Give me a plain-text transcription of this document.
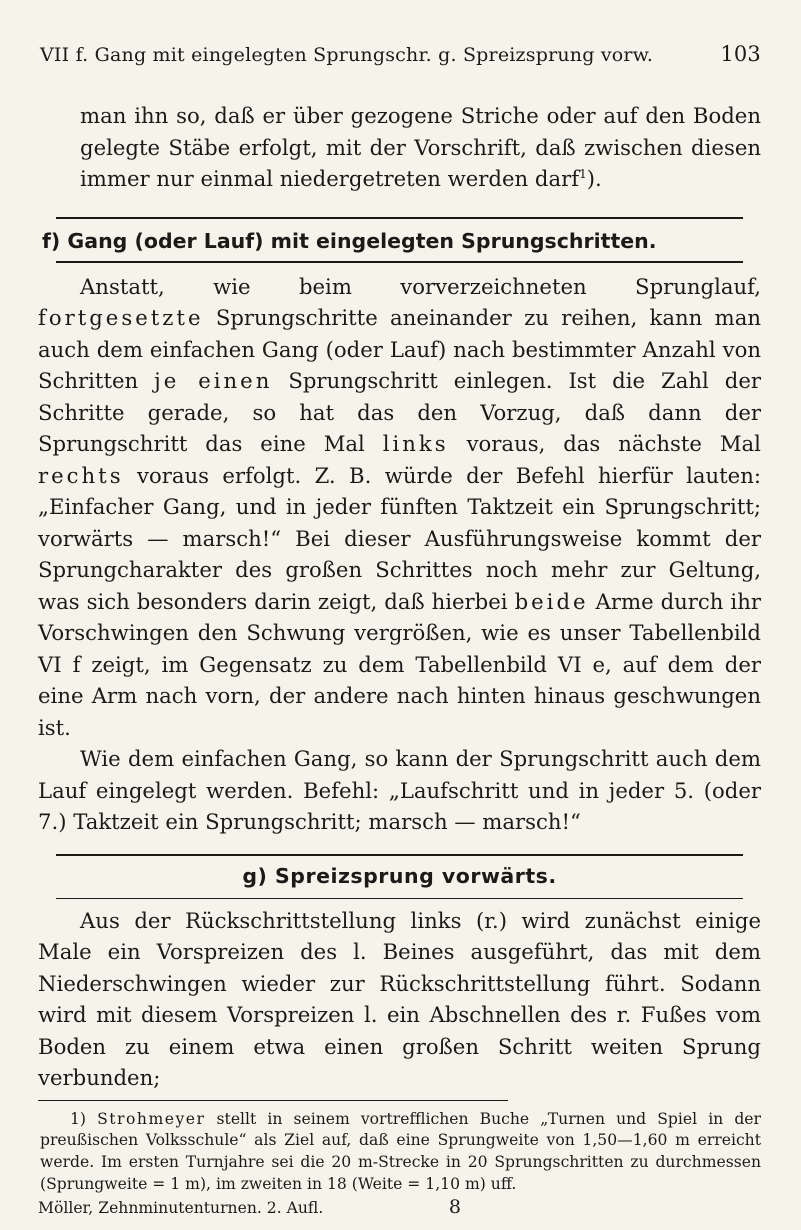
VII f. Gang mit eingelegten Sprungschr. g. Spreizsprung vorw.	103

man ihn so, daß er über gezogene Striche oder auf den Boden gelegte Stäbe erfolgt, mit der Vorschrift, daß zwischen diesen immer nur einmal niedergetreten werden darf$^1$).

f) Gang (oder Lauf) mit eingelegten Sprungschritten.

Anstatt, wie beim vorverzeichneten Sprunglauf, fortgesetzte Sprungschritte aneinander zu reihen, kann man auch dem einfachen Gang (oder Lauf) nach bestimmter Anzahl von Schritten je einen Sprungschritt einlegen. Ist die Zahl der Schritte gerade, so hat das den Vorzug, daß dann der Sprungschritt das eine Mal links voraus, das nächste Mal rechts voraus erfolgt. Z. B. würde der Befehl hierfür lauten: „Einfacher Gang, und in jeder fünften Taktzeit ein Sprungschritt; vorwärts — marsch!“ Bei dieser Ausführungsweise kommt der Sprungcharakter des großen Schrittes noch mehr zur Geltung, was sich besonders darin zeigt, daß hierbei beide Arme durch ihr Vorschwingen den Schwung vergrößen, wie es unser Tabellenbild VI f zeigt, im Gegensatz zu dem Tabellenbild VI e, auf dem der eine Arm nach vorn, der andere nach hinten hinaus geschwungen ist.

Wie dem einfachen Gang, so kann der Sprungschritt auch dem Lauf eingelegt werden. Befehl: „Laufschritt und in jeder 5. (oder 7.) Taktzeit ein Sprungschritt; marsch — marsch!“

g) Spreizsprung vorwärts.

Aus der Rückschrittstellung links (r.) wird zunächst einige Male ein Vorspreizen des l. Beines ausgeführt, das mit dem Niederschwingen wieder zur Rückschrittstellung führt. Sodann wird mit diesem Vorspreizen l. ein Abschnellen des r. Fußes vom Boden zu einem etwa einen großen Schritt weiten Sprung verbunden;

1) Strohmeyer stellt in seinem vortrefflichen Buche „Turnen und Spiel in der preußischen Volksschule“ als Ziel auf, daß eine Sprungweite von 1,50—1,60 m erreicht werde. Im ersten Turnjahre sei die 20 m-Strecke in 20 Sprungschritten zu durchmessen (Sprungweite = 1 m), im zweiten in 18 (Weite = 1,10 m) uff.

Möller, Zehnminutenturnen. 2. Aufl.	8
